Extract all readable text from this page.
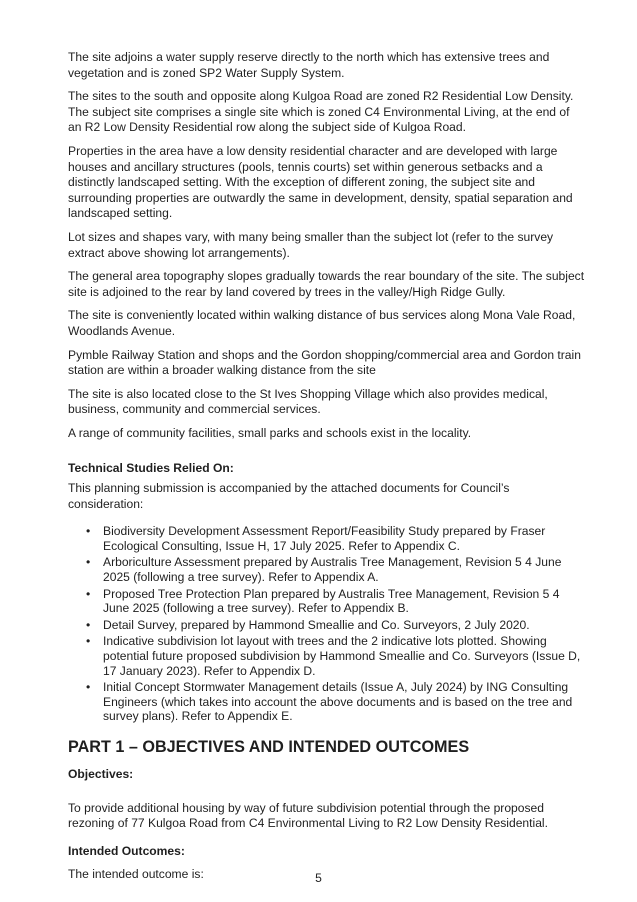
The site adjoins a water supply reserve directly to the north which has extensive trees and vegetation and is zoned SP2 Water Supply System.

The sites to the south and opposite along Kulgoa Road are zoned R2 Residential Low Density. The subject site comprises a single site which is zoned C4 Environmental Living, at the end of an R2 Low Density Residential row along the subject side of Kulgoa Road.

Properties in the area have a low density residential character and are developed with large houses and ancillary structures (pools, tennis courts) set within generous setbacks and a distinctly landscaped setting. With the exception of different zoning, the subject site and surrounding properties are outwardly the same in development, density, spatial separation and landscaped setting.

Lot sizes and shapes vary, with many being smaller than the subject lot (refer to the survey extract above showing lot arrangements).

The general area topography slopes gradually towards the rear boundary of the site. The subject site is adjoined to the rear by land covered by trees in the valley/High Ridge Gully.

The site is conveniently located within walking distance of bus services along Mona Vale Road, Woodlands Avenue.

Pymble Railway Station and shops and the Gordon shopping/commercial area and Gordon train station are within a broader walking distance from the site

The site is also located close to the St Ives Shopping Village which also provides medical, business, community and commercial services.

A range of community facilities, small parks and schools exist in the locality.

Technical Studies Relied On:

This planning submission is accompanied by the attached documents for Council’s consideration:

• Biodiversity Development Assessment Report/Feasibility Study prepared by Fraser Ecological Consulting, Issue H, 17 July 2025. Refer to Appendix C.
• Arboriculture Assessment prepared by Australis Tree Management, Revision 5 4 June 2025 (following a tree survey). Refer to Appendix A.
• Proposed Tree Protection Plan prepared by Australis Tree Management, Revision 5 4 June 2025 (following a tree survey). Refer to Appendix B.
• Detail Survey, prepared by Hammond Smeallie and Co. Surveyors, 2 July 2020.
• Indicative subdivision lot layout with trees and the 2 indicative lots plotted. Showing potential future proposed subdivision by Hammond Smeallie and Co. Surveyors (Issue D, 17 January 2023). Refer to Appendix D.
• Initial Concept Stormwater Management details (Issue A, July 2024) by ING Consulting Engineers (which takes into account the above documents and is based on the tree and survey plans). Refer to Appendix E.
PART 1 – OBJECTIVES AND INTENDED OUTCOMES
Objectives:

To provide additional housing by way of future subdivision potential through the proposed rezoning of 77 Kulgoa Road from C4 Environmental Living to R2 Low Density Residential.

Intended Outcomes:

The intended outcome is:	5
